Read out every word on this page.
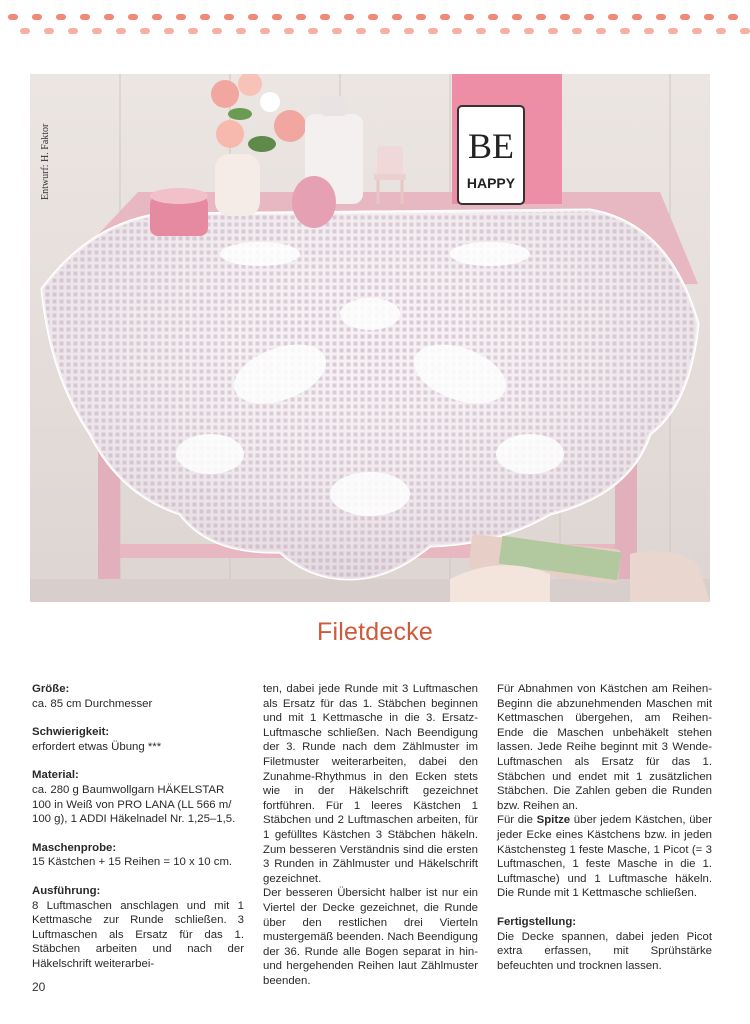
BE
HAPPY
Filetdecke

Größe:

ca. 85 cm Durchmesser

Schwierigkeit:

erfordert etwas Übung ***

Material:

ca. 280 g Baumwollgarn HÄKELSTAR 100 in Weiß von PRO LANA (LL 566 m/ 100 g), 1 ADDI Häkelnadel Nr. 1,25–1,5.

Maschenprobe:

15 Kästchen + 15 Reihen = 10 x 10 cm.

Ausführung:

8 Luftmaschen anschlagen und mit 1 Kettmasche zur Runde schließen. 3 Luftmaschen als Ersatz für das 1. Stäbchen arbeiten und nach der Häkelschrift weiterarbei-

ten, dabei jede Runde mit 3 Luftmaschen als Ersatz für das 1. Stäbchen beginnen und mit 1 Kettmasche in die 3. Ersatz-Luftmasche schließen. Nach Beendigung der 3. Runde nach dem Zählmuster im Filetmuster weiterarbeiten, dabei den Zunahme-Rhythmus in den Ecken stets wie in der Häkelschrift gezeichnet fortführen. Für 1 leeres Kästchen 1 Stäbchen und 2 Luftmaschen arbeiten, für 1 gefülltes Kästchen 3 Stäbchen häkeln. Zum besseren Verständnis sind die ersten 3 Runden in Zählmuster und Häkelschrift gezeichnet.

Der besseren Übersicht halber ist nur ein Viertel der Decke gezeichnet, die Runde über den restlichen drei Vierteln mustergemäß beenden. Nach Beendigung der 36. Runde alle Bogen separat in hin- und hergehenden Reihen laut Zählmuster beenden.

Für Abnahmen von Kästchen am Reihen-Beginn die abzunehmenden Maschen mit Kettmaschen übergehen, am Reihen-Ende die Maschen unbehäkelt stehen lassen. Jede Reihe beginnt mit 3 Wende-Luftmaschen als Ersatz für das 1. Stäbchen und endet mit 1 zusätzlichen Stäbchen. Die Zahlen geben die Runden bzw. Reihen an.

Für die Spitze über jedem Kästchen, über jeder Ecke eines Kästchens bzw. in jeden Kästchensteg 1 feste Masche, 1 Picot (= 3 Luftmaschen, 1 feste Masche in die 1. Luftmasche) und 1 Luftmasche häkeln. Die Runde mit 1 Kettmasche schließen.

Fertigstellung:

Die Decke spannen, dabei jeden Picot extra erfassen, mit Sprühstärke befeuchten und trocknen lassen.

20
